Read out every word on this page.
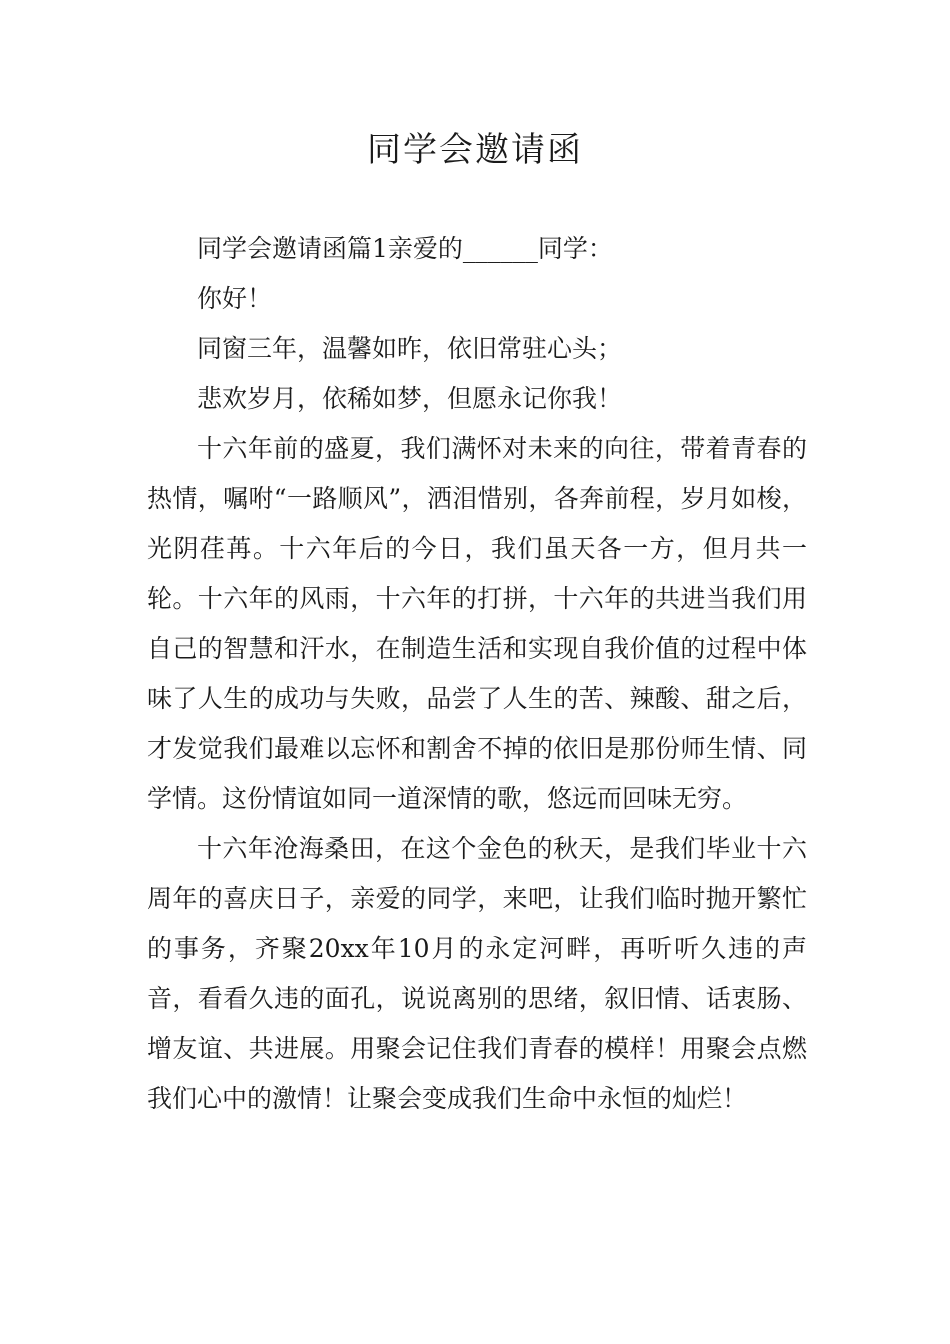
同学会邀请函

同学会邀请函篇1亲爱的______同学：

你好！

同窗三年，温馨如昨，依旧常驻心头；

悲欢岁月，依稀如梦，但愿永记你我！

十六年前的盛夏，我们满怀对未来的向往，带着青春的热情，嘱咐“一路顺风”，洒泪惜别，各奔前程，岁月如梭，光阴荏苒。十六年后的今日，我们虽天各一方，但月共一轮。十六年的风雨，十六年的打拼，十六年的共进当我们用自己的智慧和汗水，在制造生活和实现自我价值的过程中体味了人生的成功与失败，品尝了人生的苦、辣酸、甜之后，才发觉我们最难以忘怀和割舍不掉的依旧是那份师生情、同学情。这份情谊如同一道深情的歌，悠远而回味无穷。

十六年沧海桑田，在这个金色的秋天，是我们毕业十六周年的喜庆日子，亲爱的同学，来吧，让我们临时抛开繁忙的事务，齐聚20xx年10月的永定河畔，再听听久违的声音，看看久违的面孔，说说离别的思绪，叙旧情、话衷肠、增友谊、共进展。用聚会记住我们青春的模样！用聚会点燃我们心中的激情！让聚会变成我们生命中永恒的灿烂！
